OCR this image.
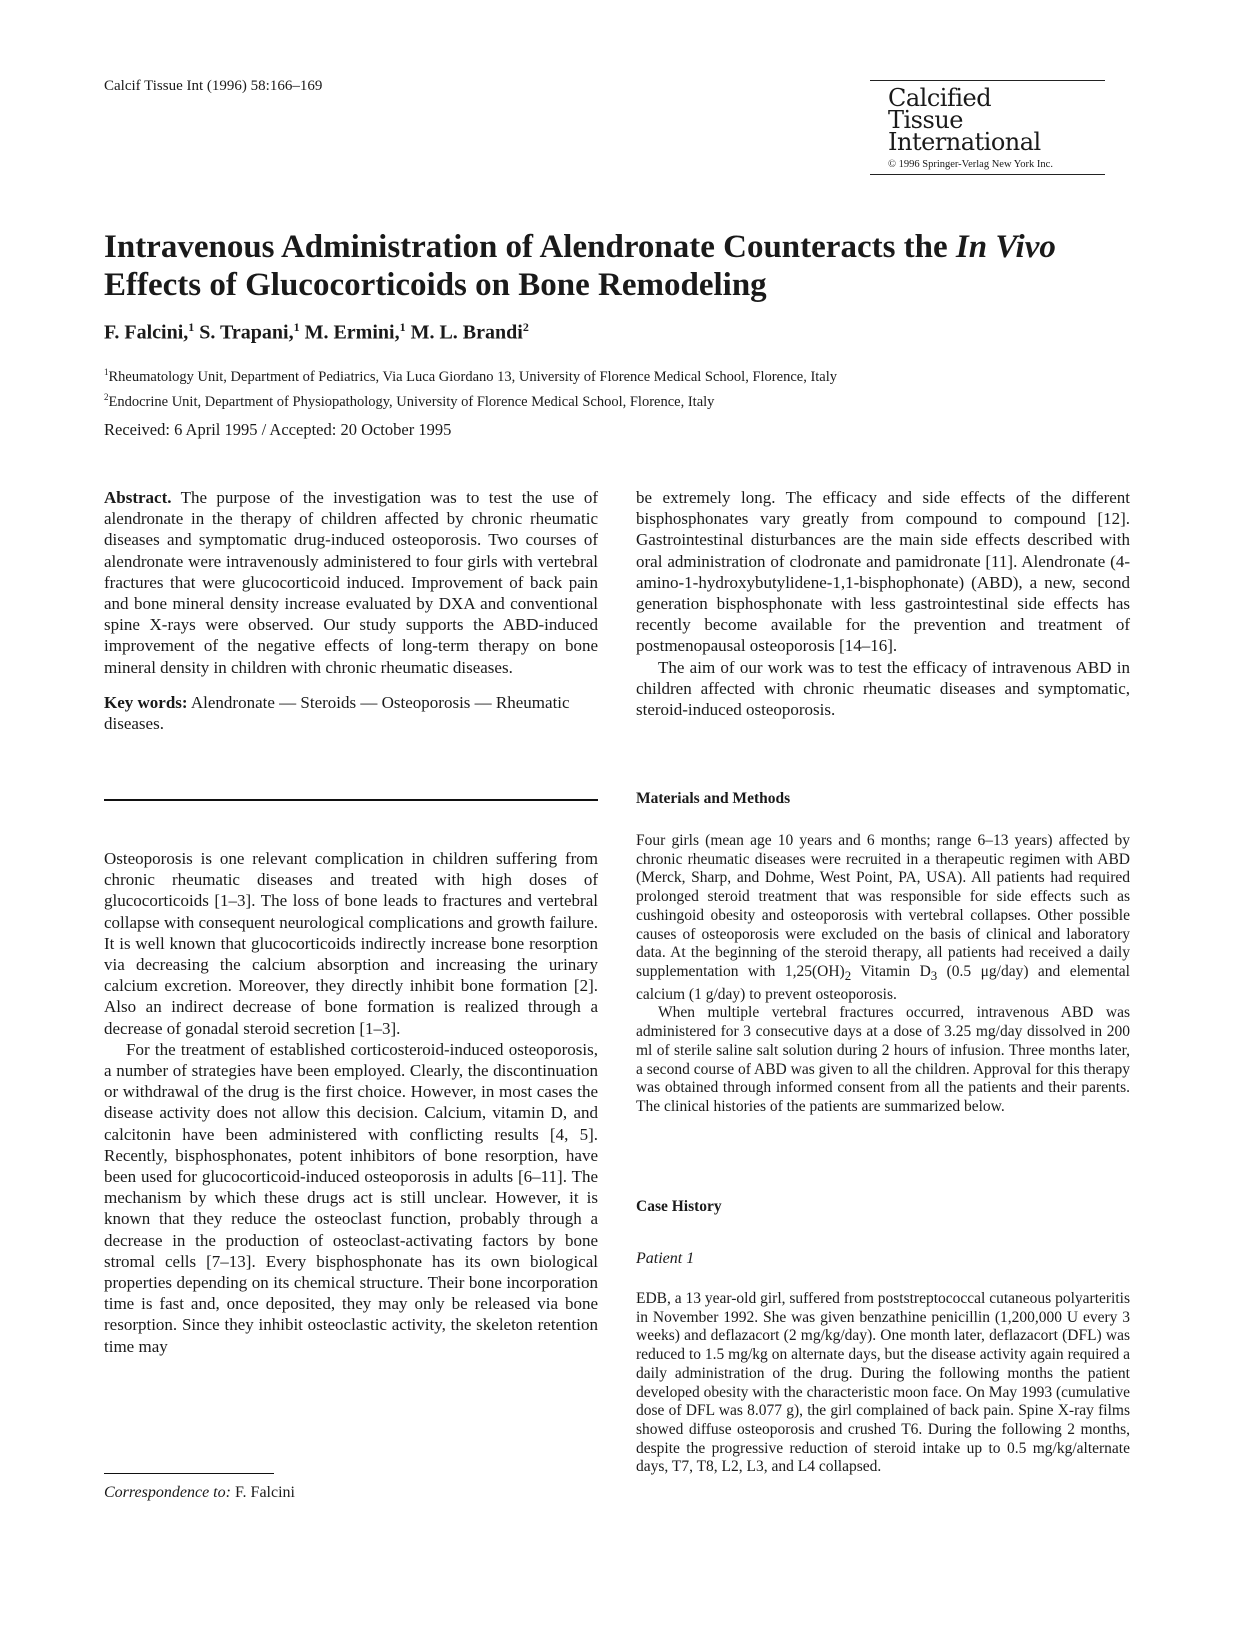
Calcif Tissue Int (1996) 58:166–169	Calcified
Tissue
International
© 1996 Springer-Verlag New York Inc.
Intravenous Administration of Alendronate Counteracts the In Vivo
Effects of Glucocorticoids on Bone Remodeling
F. Falcini,$^1$ S. Trapani,$^1$ M. Ermini,$^1$ M. L. Brandi$^2$
$^1$Rheumatology Unit, Department of Pediatrics, Via Luca Giordano 13, University of Florence Medical School, Florence, Italy
$^2$Endocrine Unit, Department of Physiopathology, University of Florence Medical School, Florence, Italy
Received: 6 April 1995 / Accepted: 20 October 1995

Abstract. The purpose of the investigation was to test the use of alendronate in the therapy of children affected by chronic rheumatic diseases and symptomatic drug-induced osteoporosis. Two courses of alendronate were intravenously administered to four girls with vertebral fractures that were glucocorticoid induced. Improvement of back pain and bone mineral density increase evaluated by DXA and conventional spine X-rays were observed. Our study supports the ABD-induced improvement of the negative effects of long-term therapy on bone mineral density in children with chronic rheumatic diseases.

Key words: Alendronate — Steroids — Osteoporosis — Rheumatic diseases.

Osteoporosis is one relevant complication in children suffering from chronic rheumatic diseases and treated with high doses of glucocorticoids [1–3]. The loss of bone leads to fractures and vertebral collapse with consequent neurological complications and growth failure. It is well known that glucocorticoids indirectly increase bone resorption via decreasing the calcium absorption and increasing the urinary calcium excretion. Moreover, they directly inhibit bone formation [2]. Also an indirect decrease of bone formation is realized through a decrease of gonadal steroid secretion [1–3].

For the treatment of established corticosteroid-induced osteoporosis, a number of strategies have been employed. Clearly, the discontinuation or withdrawal of the drug is the first choice. However, in most cases the disease activity does not allow this decision. Calcium, vitamin D, and calcitonin have been administered with conflicting results [4, 5]. Recently, bisphosphonates, potent inhibitors of bone resorption, have been used for glucocorticoid-induced osteoporosis in adults [6–11]. The mechanism by which these drugs act is still unclear. However, it is known that they reduce the osteoclast function, probably through a decrease in the production of osteoclast-activating factors by bone stromal cells [7–13]. Every bisphosphonate has its own biological properties depending on its chemical structure. Their bone incorporation time is fast and, once deposited, they may only be released via bone resorption. Since they inhibit osteoclastic activity, the skeleton retention time may

Correspondence to: F. Falcini

be extremely long. The efficacy and side effects of the different bisphosphonates vary greatly from compound to compound [12]. Gastrointestinal disturbances are the main side effects described with oral administration of clodronate and pamidronate [11]. Alendronate (4-amino-1-hydroxybutylidene-1,1-bisphophonate) (ABD), a new, second generation bisphosphonate with less gastrointestinal side effects has recently become available for the prevention and treatment of postmenopausal osteoporosis [14–16].

The aim of our work was to test the efficacy of intravenous ABD in children affected with chronic rheumatic diseases and symptomatic, steroid-induced osteoporosis.

Materials and Methods

Four girls (mean age 10 years and 6 months; range 6–13 years) affected by chronic rheumatic diseases were recruited in a therapeutic regimen with ABD (Merck, Sharp, and Dohme, West Point, PA, USA). All patients had required prolonged steroid treatment that was responsible for side effects such as cushingoid obesity and osteoporosis with vertebral collapses. Other possible causes of osteoporosis were excluded on the basis of clinical and laboratory data. At the beginning of the steroid therapy, all patients had received a daily supplementation with $1,25(OH)_2$ Vitamin $D_3$ (0.5 μg/day) and elemental calcium (1 g/day) to prevent osteoporosis.

When multiple vertebral fractures occurred, intravenous ABD was administered for 3 consecutive days at a dose of 3.25 mg/day dissolved in 200 ml of sterile saline salt solution during 2 hours of infusion. Three months later, a second course of ABD was given to all the children. Approval for this therapy was obtained through informed consent from all the patients and their parents. The clinical histories of the patients are summarized below.

Case History
Patient 1

EDB, a 13 year-old girl, suffered from poststreptococcal cutaneous polyarteritis in November 1992. She was given benzathine penicillin (1,200,000 U every 3 weeks) and deflazacort (2 mg/kg/day). One month later, deflazacort (DFL) was reduced to 1.5 mg/kg on alternate days, but the disease activity again required a daily administration of the drug. During the following months the patient developed obesity with the characteristic moon face. On May 1993 (cumulative dose of DFL was 8.077 g), the girl complained of back pain. Spine X-ray films showed diffuse osteoporosis and crushed T6. During the following 2 months, despite the progressive reduction of steroid intake up to 0.5 mg/kg/alternate days, T7, T8, L2, L3, and L4 collapsed.
